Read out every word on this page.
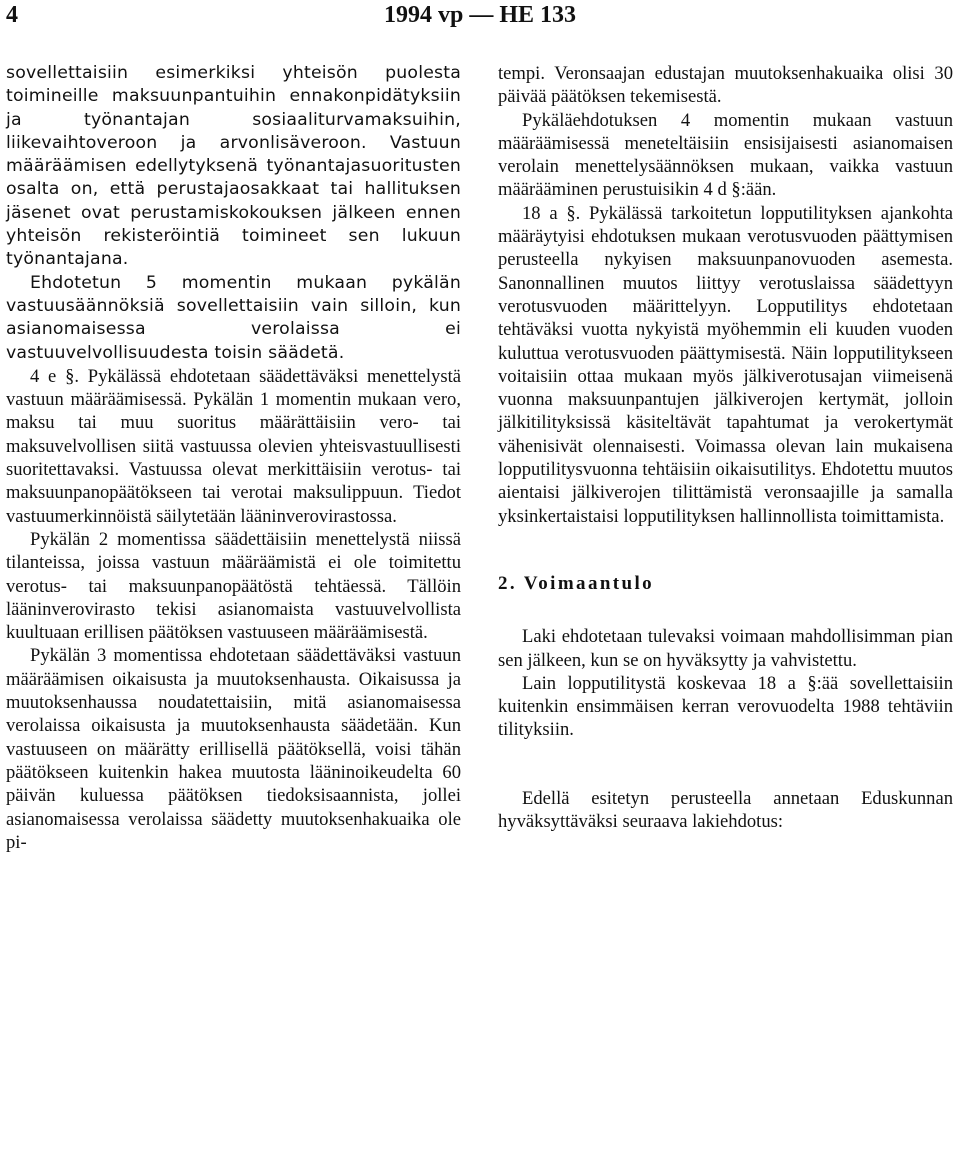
4	1994 vp — HE 133

sovellettaisiin esimerkiksi yhteisön puolesta toimineille maksuunpantuihin ennakonpidätyksiin ja työnantajan sosiaaliturvamaksuihin, liikevaihtoveroon ja arvonlisäveroon. Vastuun määräämisen edellytyksenä työnantajasuoritusten osalta on, että perustajaosakkaat tai hallituksen jäsenet ovat perustamiskokouksen jälkeen ennen yhteisön rekisteröintiä toimineet sen lukuun työnantajana.

Ehdotetun 5 momentin mukaan pykälän vastuusäännöksiä sovellettaisiin vain silloin, kun asianomaisessa verolaissa ei vastuuvelvollisuudesta toisin säädetä.

4 e §. Pykälässä ehdotetaan säädettäväksi menettelystä vastuun määräämisessä. Pykälän 1 momentin mukaan vero, maksu tai muu suoritus määrättäisiin vero- tai maksuvelvollisen siitä vastuussa olevien yhteisvastuullisesti suoritettavaksi. Vastuussa olevat merkittäisiin verotus- tai maksuunpanopäätökseen tai verotai maksulippuun. Tiedot vastuumerkinnöistä säilytetään lääninverovirastossa.

Pykälän 2 momentissa säädettäisiin menettelystä niissä tilanteissa, joissa vastuun määräämistä ei ole toimitettu verotus- tai maksuunpanopäätöstä tehtäessä. Tällöin lääninverovirasto tekisi asianomaista vastuuvelvollista kuultuaan erillisen päätöksen vastuuseen määräämisestä.

Pykälän 3 momentissa ehdotetaan säädettäväksi vastuun määräämisen oikaisusta ja muutoksenhausta. Oikaisussa ja muutoksenhaussa noudatettaisiin, mitä asianomaisessa verolaissa oikaisusta ja muutoksenhausta säädetään. Kun vastuuseen on määrätty erillisellä päätöksellä, voisi tähän päätökseen kuitenkin hakea muutosta lääninoikeudelta 60 päivän kuluessa päätöksen tiedoksisaannista, jollei asianomaisessa verolaissa säädetty muutoksenhakuaika ole pi-

tempi. Veronsaajan edustajan muutoksenhakuaika olisi 30 päivää päätöksen tekemisestä.

Pykäläehdotuksen 4 momentin mukaan vastuun määräämisessä meneteltäisiin ensisijaisesti asianomaisen verolain menettelysäännöksen mukaan, vaikka vastuun määrääminen perustuisikin 4 d §:ään.

18 a §. Pykälässä tarkoitetun lopputilityksen ajankohta määräytyisi ehdotuksen mukaan verotusvuoden päättymisen perusteella nykyisen maksuunpanovuoden asemesta. Sanonnallinen muutos liittyy verotuslaissa säädettyyn verotusvuoden määrittelyyn. Lopputilitys ehdotetaan tehtäväksi vuotta nykyistä myöhemmin eli kuuden vuoden kuluttua verotusvuoden päättymisestä. Näin lopputilitykseen voitaisiin ottaa mukaan myös jälkiverotusajan viimeisenä vuonna maksuunpantujen jälkiverojen kertymät, jolloin jälkitilityksissä käsiteltävät tapahtumat ja verokertymät vähenisivät olennaisesti. Voimassa olevan lain mukaisena lopputilitysvuonna tehtäisiin oikaisutilitys. Ehdotettu muutos aientaisi jälkiverojen tilittämistä veronsaajille ja samalla yksinkertaistaisi lopputilityksen hallinnollista toimittamista.

2. Voimaantulo

Laki ehdotetaan tulevaksi voimaan mahdollisimman pian sen jälkeen, kun se on hyväksytty ja vahvistettu.

Lain lopputilitystä koskevaa 18 a §:ää sovellettaisiin kuitenkin ensimmäisen kerran verovuodelta 1988 tehtäviin tilityksiin.

Edellä esitetyn perusteella annetaan Eduskunnan hyväksyttäväksi seuraava lakiehdotus:
